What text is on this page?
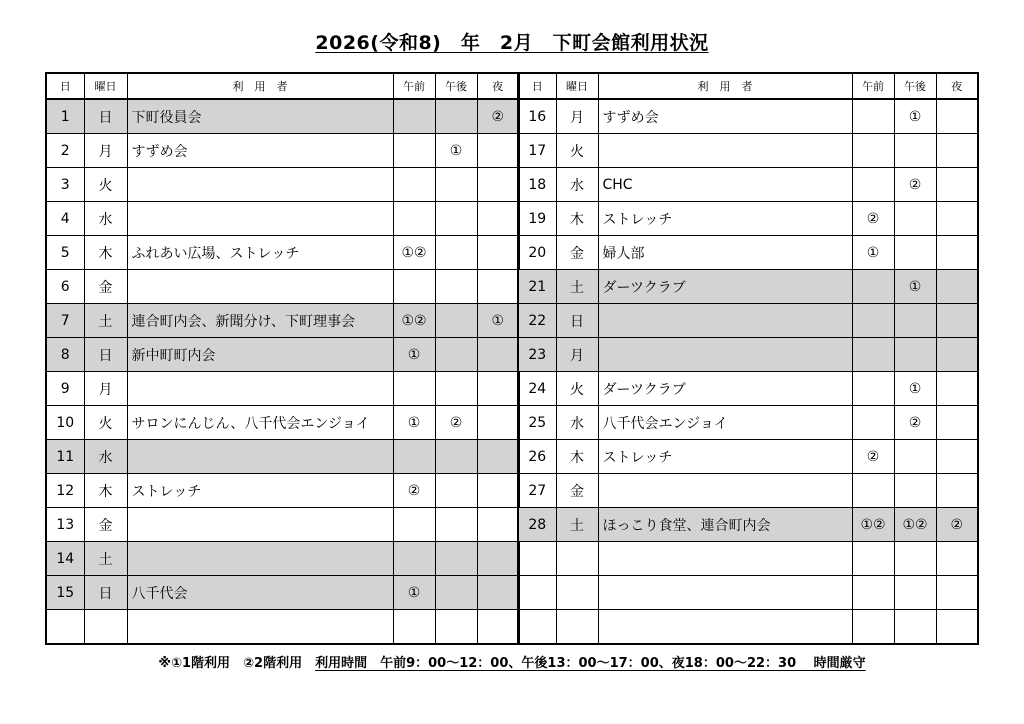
2026(令和8)　年　2月　下町会館利用状況
日	曜日	利　用　者	午前	午後	夜
1	日	下町役員会			②
2	月	すずめ会		①	
3	火				
4	水				
5	木	ふれあい広場、ストレッチ	①②		
6	金				
7	土	連合町内会、新聞分け、下町理事会	①②		①
8	日	新中町町内会	①		
9	月				
10	火	サロンにんじん、八千代会エンジョイ	①	②	
11	水				
12	木	ストレッチ	②		
13	金				
14	土				
15	日	八千代会	①		

日	曜日	利　用　者	午前	午後	夜
16	月	すずめ会		①	
17	火				
18	水	CHC		②	
19	木	ストレッチ	②		
20	金	婦人部	①		
21	土	ダーツクラブ		①	
22	日				
23	月				
24	火	ダーツクラブ		①	
25	水	八千代会エンジョイ		②	
26	木	ストレッチ	②		
27	金				
28	土	ほっこり食堂、連合町内会	①②	①②	②

※①1階利用　②2階利用　利用時間　午前9：00～12：00、午後13：00～17：00、夜18：00～22：30　 時間厳守
